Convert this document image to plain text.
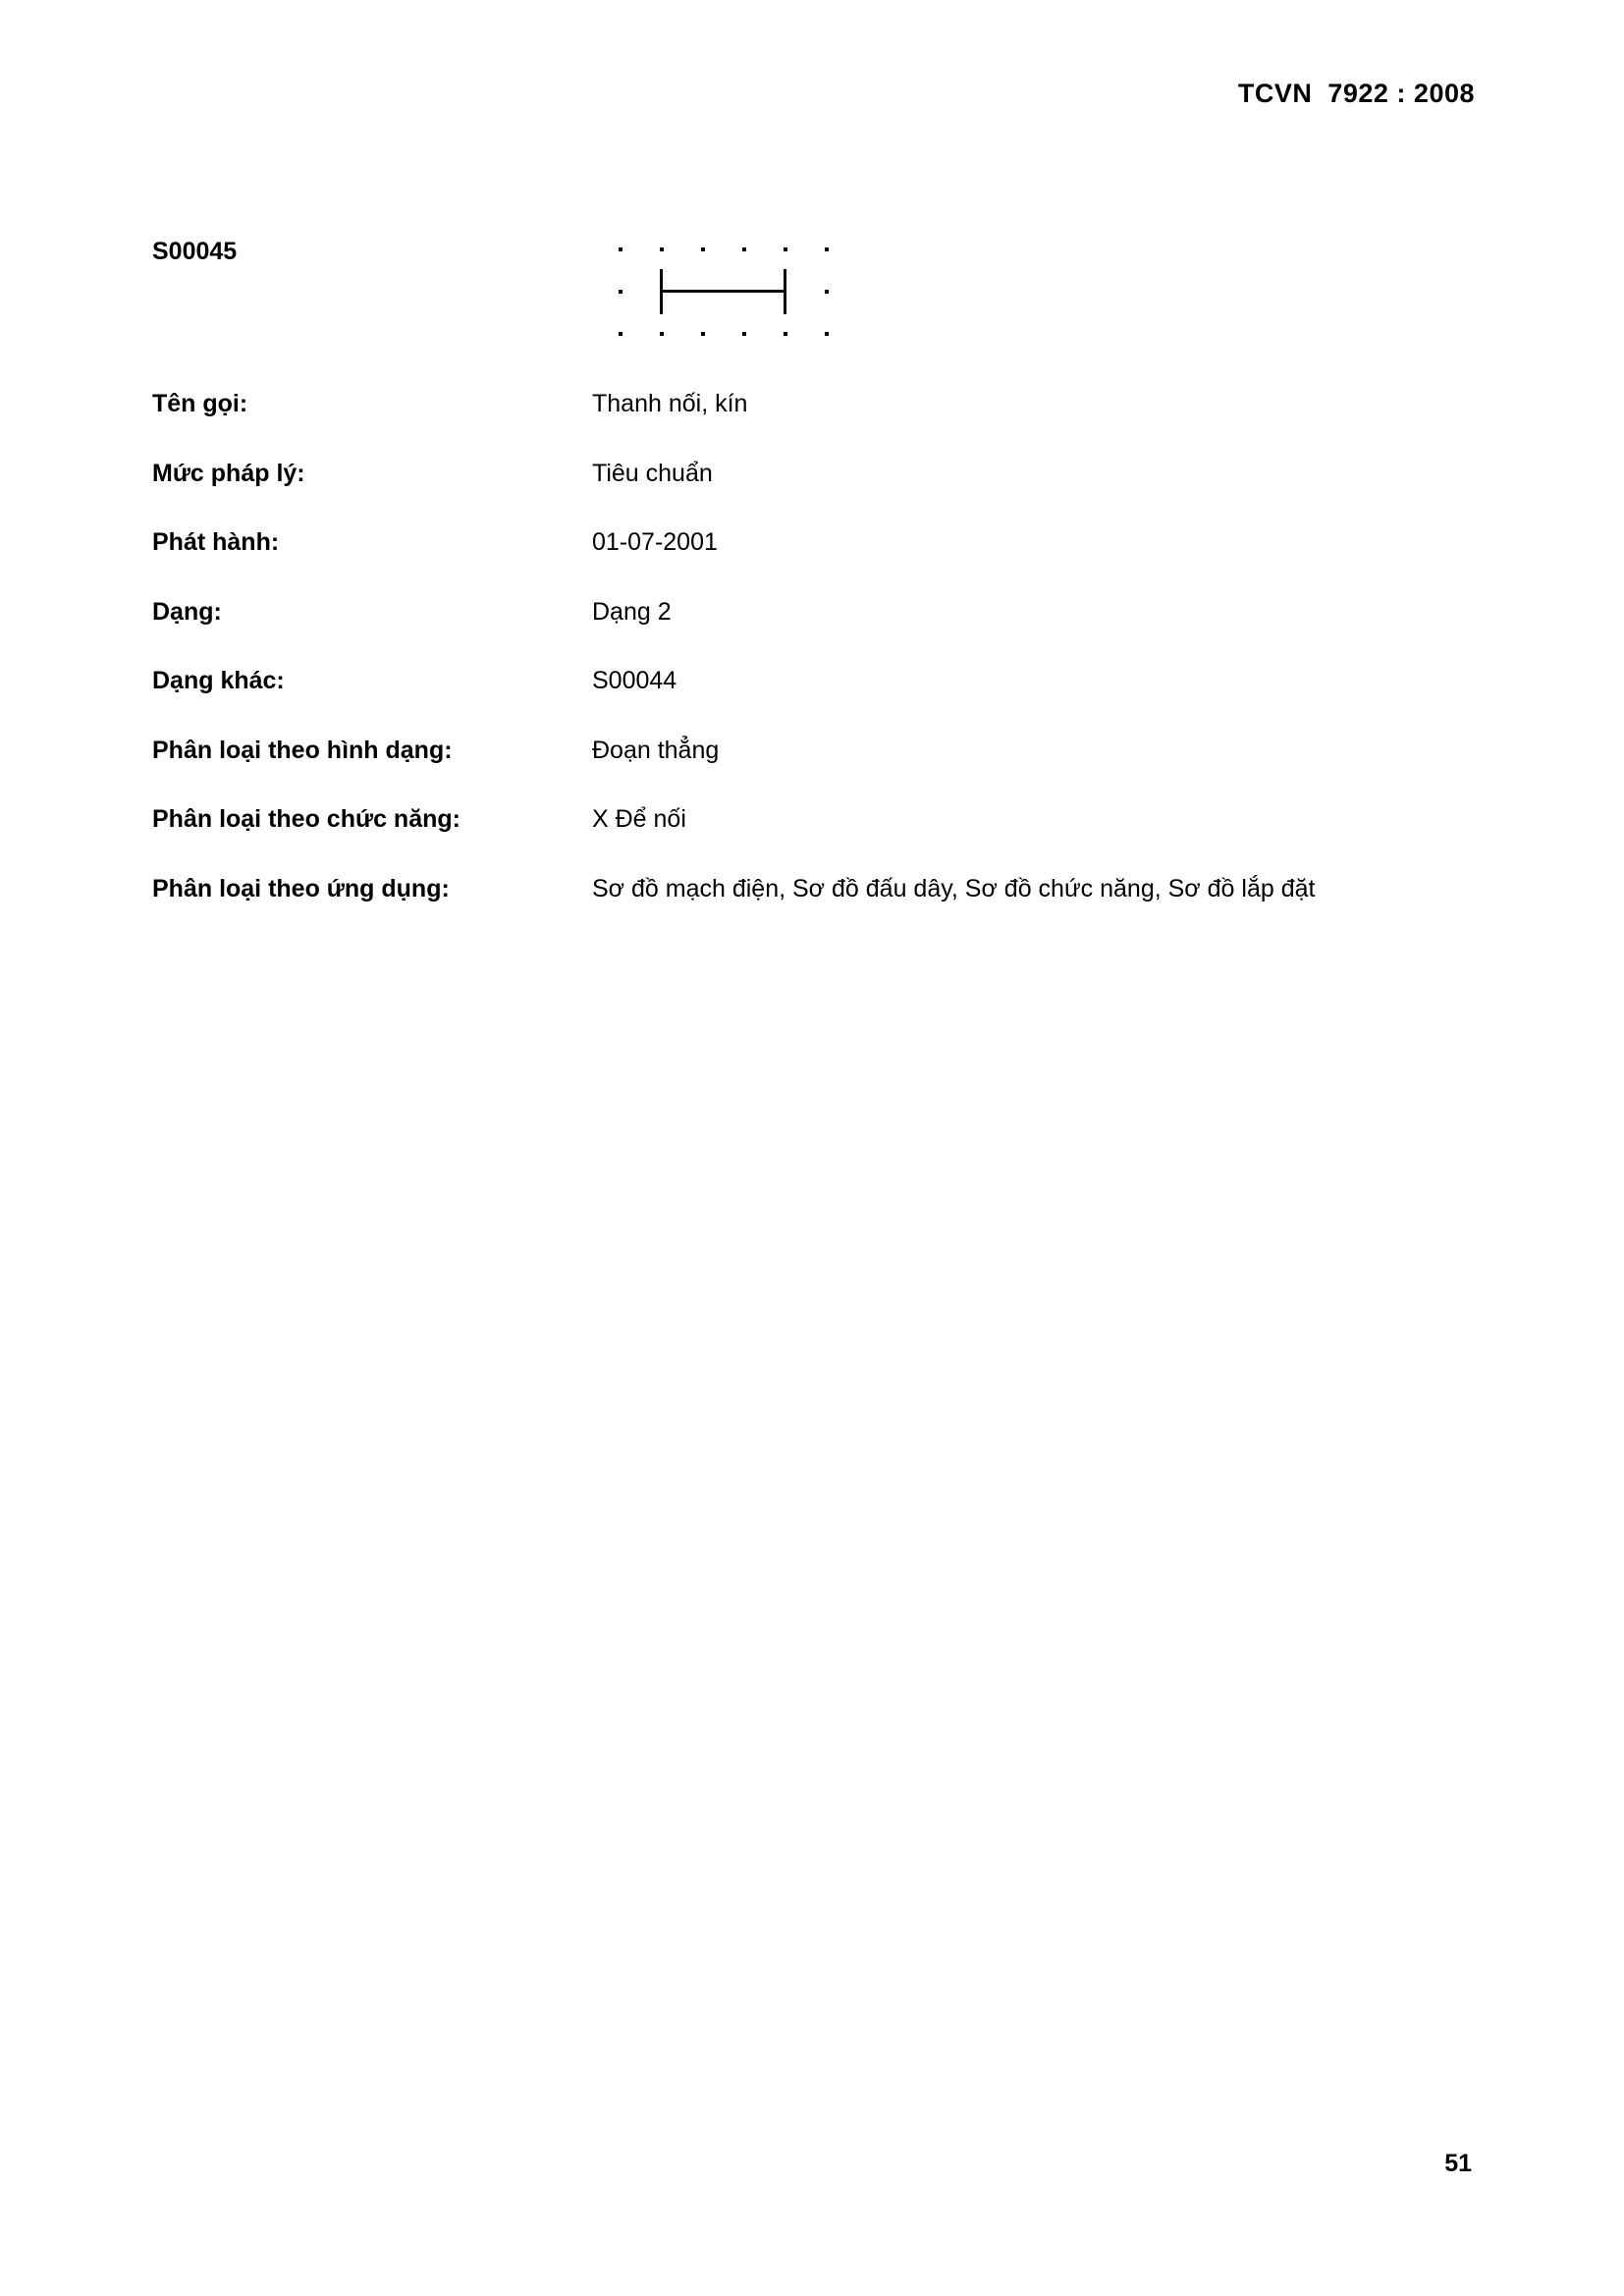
TCVN  7922 : 2008
S00045
Tên gọi:	Thanh nối, kín
Mức pháp lý:	Tiêu chuẩn
Phát hành:	01-07-2001
Dạng:	Dạng 2
Dạng khác:	S00044
Phân loại theo hình dạng:	Đoạn thẳng
Phân loại theo chức năng:	X Để nối
Phân loại theo ứng dụng:	Sơ đồ mạch điện, Sơ đồ đấu dây, Sơ đồ chức năng, Sơ đồ lắp đặt
51
